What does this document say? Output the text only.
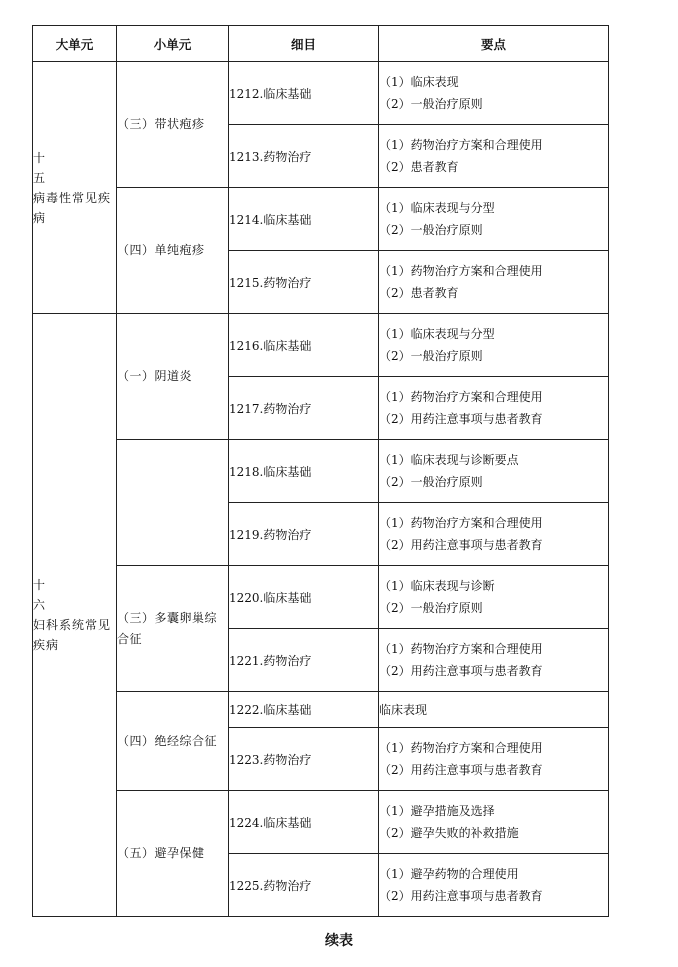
大单元	小单元	细目	要点
十
五
病毒性常见疾病	（三）带状疱疹	1212.临床基础	（1）临床表现
（2）一般治疗原则

		1213.药物治疗	（1）药物治疗方案和合理使用
（2）患者教育

	（四）单纯疱疹	1214.临床基础	（1）临床表现与分型
（2）一般治疗原则

		1215.药物治疗	（1）药物治疗方案和合理使用
（2）患者教育

十
六
妇科系统常见疾病	（一）阴道炎	1216.临床基础	（1）临床表现与分型
（2）一般治疗原则

		1217.药物治疗	（1）药物治疗方案和合理使用
（2）用药注意事项与患者教育

		1218.临床基础	（1）临床表现与诊断要点
（2）一般治疗原则

		1219.药物治疗	（1）药物治疗方案和合理使用
（2）用药注意事项与患者教育

	（三）多囊卵巢综合征	1220.临床基础	（1）临床表现与诊断
（2）一般治疗原则

		1221.药物治疗	（1）药物治疗方案和合理使用
（2）用药注意事项与患者教育

	（四）绝经综合征	1222.临床基础	临床表现

		1223.药物治疗	（1）药物治疗方案和合理使用
（2）用药注意事项与患者教育

	（五）避孕保健	1224.临床基础	（1）避孕措施及选择
（2）避孕失败的补救措施

		1225.药物治疗	（1）避孕药物的合理使用
（2）用药注意事项与患者教育
续表
